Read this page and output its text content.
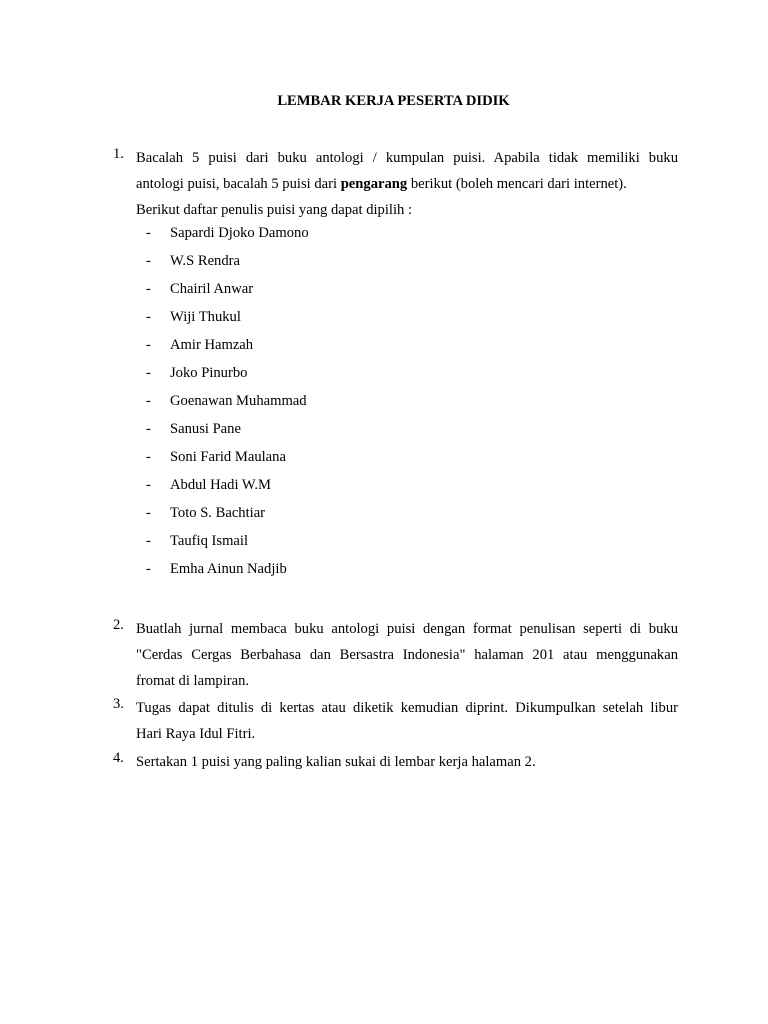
LEMBAR KERJA PESERTA DIDIK
1. Bacalah 5 puisi dari buku antologi / kumpulan puisi. Apabila tidak memiliki buku
antologi puisi, bacalah 5 puisi dari pengarang berikut (boleh mencari dari internet).
Berikut daftar penulis puisi yang dapat dipilih :
- Sapardi Djoko Damono
- W.S Rendra
- Chairil Anwar
- Wiji Thukul
- Amir Hamzah
- Joko Pinurbo
- Goenawan Muhammad
- Sanusi Pane
- Soni Farid Maulana
- Abdul Hadi W.M
- Toto S. Bachtiar
- Taufiq Ismail
- Emha Ainun Nadjib
2. Buatlah jurnal membaca buku antologi puisi dengan format penulisan seperti di buku
"Cerdas Cergas Berbahasa dan Bersastra Indonesia" halaman 201 atau menggunakan
fromat di lampiran.
3. Tugas dapat ditulis di kertas atau diketik kemudian diprint. Dikumpulkan setelah libur
Hari Raya Idul Fitri.
4. Sertakan 1 puisi yang paling kalian sukai di lembar kerja halaman 2.
